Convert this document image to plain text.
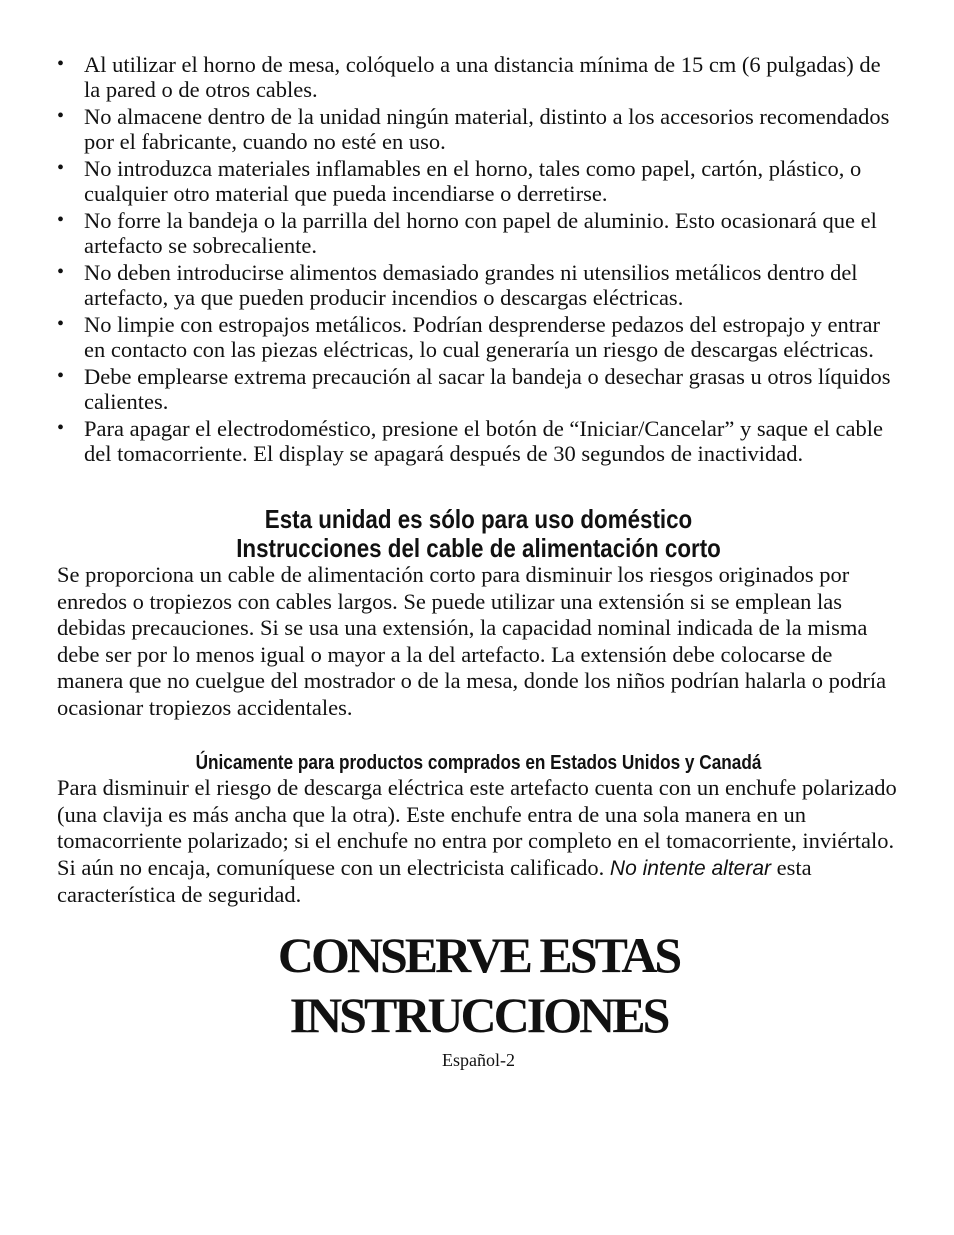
• Al utilizar el horno de mesa, colóquelo a una distancia mínima de 15 cm (6 pulgadas) de la pared o de otros cables.
• No almacene dentro de la unidad ningún material, distinto a los accesorios recomendados por el fabricante, cuando no esté en uso.
• No introduzca materiales inflamables en el horno, tales como papel, cartón, plástico, o cualquier otro material que pueda incendiarse o derretirse.
• No forre la bandeja o la parrilla del horno con papel de aluminio. Esto ocasionará que el artefacto se sobrecaliente.
• No deben introducirse alimentos demasiado grandes ni utensilios metálicos dentro del artefacto, ya que pueden producir incendios o descargas eléctricas.
• No limpie con estropajos metálicos. Podrían desprenderse pedazos del estropajo y entrar en contacto con las piezas eléctricas, lo cual generaría un riesgo de descargas eléctricas.
• Debe emplearse extrema precaución al sacar la bandeja o desechar grasas u otros líquidos calientes.
• Para apagar el electrodoméstico, presione el botón de “Iniciar/Cancelar” y saque el cable del tomacorriente. El display se apagará después de 30 segundos de inactividad.
Esta unidad es sólo para uso doméstico
Instrucciones del cable de alimentación corto

Se proporciona un cable de alimentación corto para disminuir los riesgos originados por enredos o tropiezos con cables largos. Se puede utilizar una extensión si se emplean las debidas precauciones. Si se usa una extensión, la capacidad nominal indicada de la misma debe ser por lo menos igual o mayor a la del artefacto. La extensión debe colocarse de manera que no cuelgue del mostrador o de la mesa, donde los niños podrían halarla o podría ocasionar tropiezos accidentales.

Únicamente para productos comprados en Estados Unidos y Canadá

Para disminuir el riesgo de descarga eléctrica este artefacto cuenta con un enchufe polarizado (una clavija es más ancha que la otra). Este enchufe entra de una sola manera en un tomacorriente polarizado; si el enchufe no entra por completo en el tomacorriente, inviértalo. Si aún no encaja, comuníquese con un electricista calificado. No intente alterar esta característica de seguridad.

CONSERVE ESTAS
INSTRUCCIONES
Español-2
